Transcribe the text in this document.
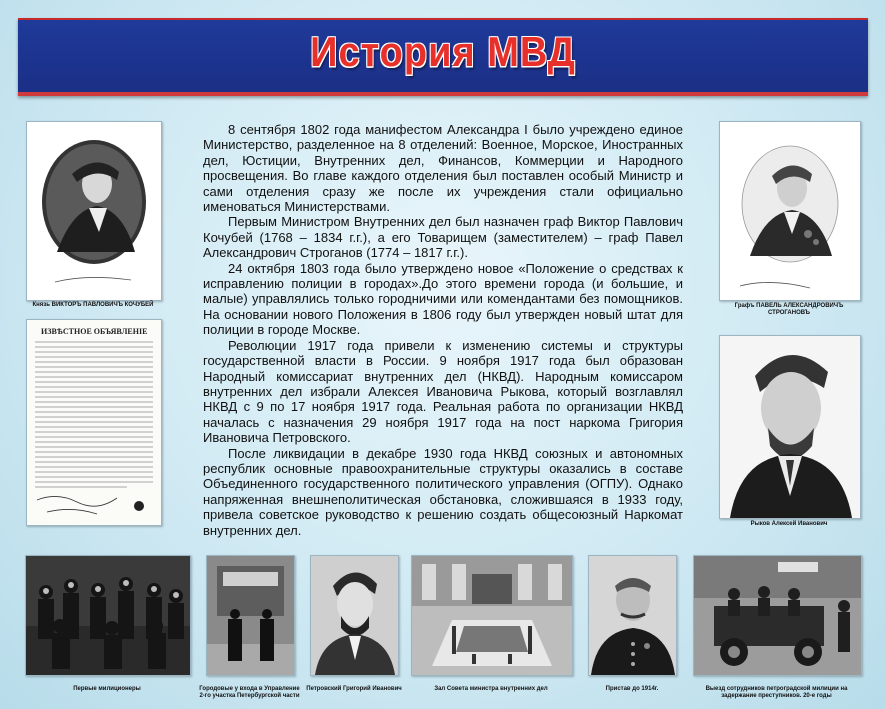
История МВД
Князь ВИКТОРЪ ПАВЛОВИЧЪ КОЧУБЕЙ
ИЗВѢСТНОЕ ОБЪЯВЛЕНІЕ
Графъ ПАВЕЛЬ АЛЕКСАНДРОВИЧЪ СТРОГАНОВЪ
Рыков Алексей Иванович

8 сентября 1802 года манифестом Александра I было учреждено единое Министерство, разделенное на 8 отделений: Военное, Морское, Иностранных дел, Юстиции, Внутренних дел, Финансов, Коммерции и Народного просвещения. Во главе каждого отделения был поставлен особый Министр и сами отделения сразу же после их учреждения стали официально именоваться Министерствами.

Первым Министром Внутренних дел был назначен граф Виктор Павлович Кочубей (1768 – 1834 г.г.), а его Товарищем (заместителем) – граф Павел Александрович Строганов (1774 – 1817 г.г.).

24 октября 1803 года было утверждено новое «Положение о средствах к исправлению полиции в городах».До этого времени города (и большие, и малые) управлялись только городничими или комендантами без помощников. На основании нового Положения в 1806 году был утвержден новый штат для полиции в городе Москве.

Революции 1917 года привели к изменению системы и структуры государственной власти в России. 9 ноября 1917 года был образован Народный комиссариат внутренних дел (НКВД). Народным комиссаром внутренних дел избрали Алексея Ивановича Рыкова, который возглавлял НКВД с 9 по 17 ноября 1917 года. Реальная работа по организации НКВД началась с назначения 29 ноября 1917 года на пост наркома Григория Ивановича Петровского.

После ликвидации в декабре 1930 года НКВД союзных и автономных республик основные правоохранительные структуры оказались в составе Объединенного государственного политического управления (ОГПУ). Однако напряженная внешнеполитическая обстановка, сложившаяся в 1933 году, привела советское руководство к решению создать общесоюзный Наркомат внутренних дел.

Первые милиционеры	Городовые у входа в Управление 2-го участка Петербургской части
Петровский Григорий Иванович	Зал Совета министра внутренних дел	Пристав до 1914г.	Выезд сотрудников петроградской милиции на задержание преступников. 20-е годы
